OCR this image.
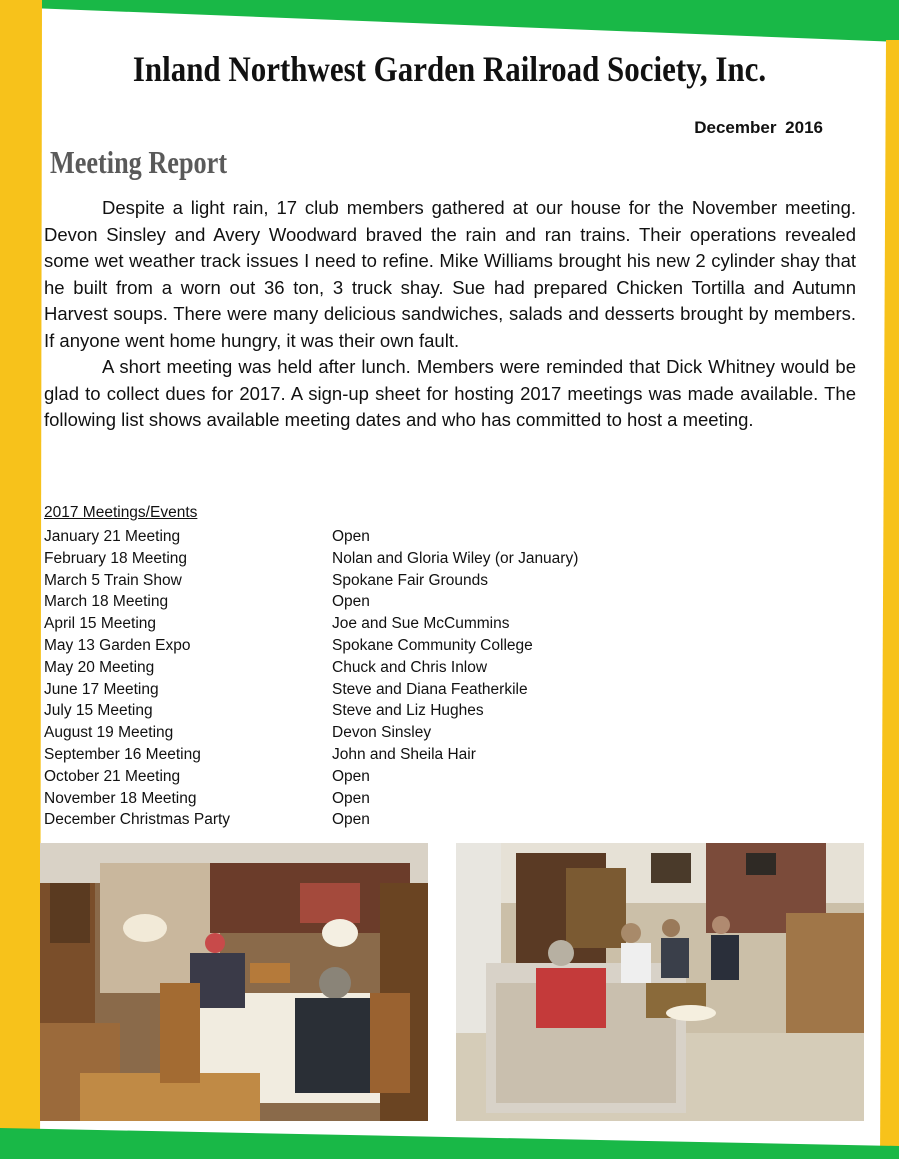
Inland Northwest Garden Railroad Society, Inc.
December 2016
Meeting Report

Despite a light rain, 17 club members gathered at our house for the November meeting. Devon Sinsley and Avery Woodward braved the rain and ran trains. Their operations revealed some wet weather track issues I need to refine. Mike Williams brought his new 2 cylinder shay that he built from a worn out 36 ton, 3 truck shay. Sue had prepared Chicken Tortilla and Autumn Harvest soups. There were many delicious sandwiches, salads and desserts brought by members. If anyone went home hungry, it was their own fault.

A short meeting was held after lunch. Members were reminded that Dick Whitney would be glad to collect dues for 2017. A sign-up sheet for hosting 2017 meetings was made available. The following list shows available meeting dates and who has committed to host a meeting.

2017 Meetings/Events
January 21 Meeting	Open
February 18 Meeting	Nolan and Gloria Wiley (or January)
March 5 Train Show	Spokane Fair Grounds
March 18 Meeting	Open
April 15 Meeting	Joe and Sue McCummins
May 13 Garden Expo	Spokane Community College
May 20 Meeting	Chuck and Chris Inlow
June 17 Meeting	Steve and Diana Featherkile
July 15 Meeting	Steve and Liz Hughes
August 19 Meeting	Devon Sinsley
September 16 Meeting	John and Sheila Hair
October 21 Meeting	Open
November 18 Meeting	Open
December Christmas Party	Open
